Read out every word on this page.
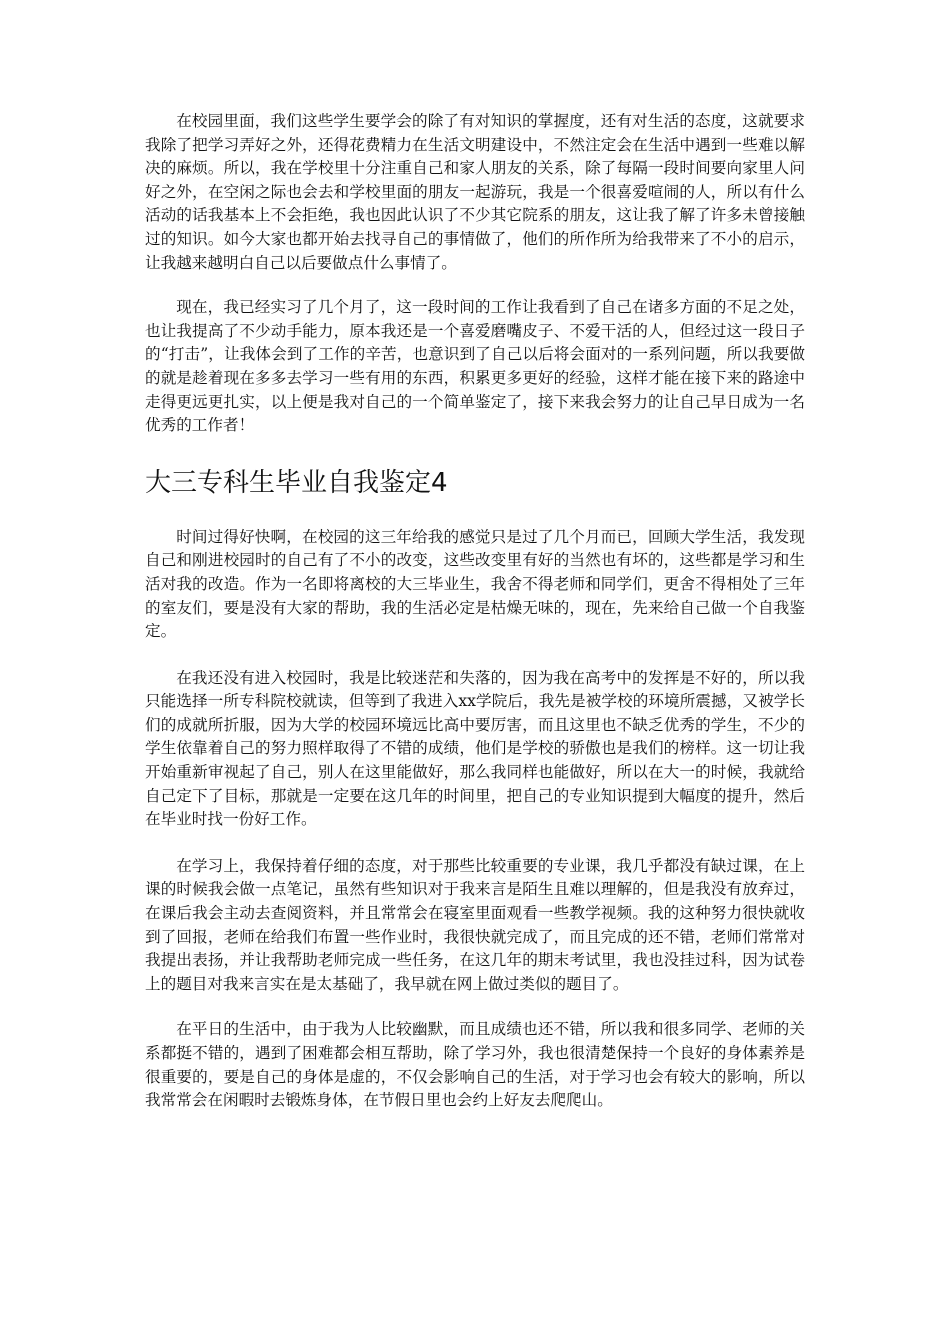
在校园里面，我们这些学生要学会的除了有对知识的掌握度，还有对生活的态度，这就要求我除了把学习弄好之外，还得花费精力在生活文明建设中，不然注定会在生活中遇到一些难以解决的麻烦。所以，我在学校里十分注重自己和家人朋友的关系，除了每隔一段时间要向家里人问好之外，在空闲之际也会去和学校里面的朋友一起游玩，我是一个很喜爱喧闹的人，所以有什么活动的话我基本上不会拒绝，我也因此认识了不少其它院系的朋友，这让我了解了许多未曾接触过的知识。如今大家也都开始去找寻自己的事情做了，他们的所作所为给我带来了不小的启示，让我越来越明白自己以后要做点什么事情了。

现在，我已经实习了几个月了，这一段时间的工作让我看到了自己在诸多方面的不足之处，也让我提高了不少动手能力，原本我还是一个喜爱磨嘴皮子、不爱干活的人，但经过这一段日子的“打击”，让我体会到了工作的辛苦，也意识到了自己以后将会面对的一系列问题，所以我要做的就是趁着现在多多去学习一些有用的东西，积累更多更好的经验，这样才能在接下来的路途中走得更远更扎实，以上便是我对自己的一个简单鉴定了，接下来我会努力的让自己早日成为一名优秀的工作者！

大三专科生毕业自我鉴定4

时间过得好快啊，在校园的这三年给我的感觉只是过了几个月而已，回顾大学生活，我发现自己和刚进校园时的自己有了不小的改变，这些改变里有好的当然也有坏的，这些都是学习和生活对我的改造。作为一名即将离校的大三毕业生，我舍不得老师和同学们，更舍不得相处了三年的室友们，要是没有大家的帮助，我的生活必定是枯燥无味的，现在，先来给自己做一个自我鉴定。

在我还没有进入校园时，我是比较迷茫和失落的，因为我在高考中的发挥是不好的，所以我只能选择一所专科院校就读，但等到了我进入xx学院后，我先是被学校的环境所震撼，又被学长们的成就所折服，因为大学的校园环境远比高中要厉害，而且这里也不缺乏优秀的学生，不少的学生依靠着自己的努力照样取得了不错的成绩，他们是学校的骄傲也是我们的榜样。这一切让我开始重新审视起了自己，别人在这里能做好，那么我同样也能做好，所以在大一的时候，我就给自己定下了目标，那就是一定要在这几年的时间里，把自己的专业知识提到大幅度的提升，然后在毕业时找一份好工作。

在学习上，我保持着仔细的态度，对于那些比较重要的专业课，我几乎都没有缺过课，在上课的时候我会做一点笔记，虽然有些知识对于我来言是陌生且难以理解的，但是我没有放弃过，在课后我会主动去查阅资料，并且常常会在寝室里面观看一些教学视频。我的这种努力很快就收到了回报，老师在给我们布置一些作业时，我很快就完成了，而且完成的还不错，老师们常常对我提出表扬，并让我帮助老师完成一些任务，在这几年的期末考试里，我也没挂过科，因为试卷上的题目对我来言实在是太基础了，我早就在网上做过类似的题目了。

在平日的生活中，由于我为人比较幽默，而且成绩也还不错，所以我和很多同学、老师的关系都挺不错的，遇到了困难都会相互帮助，除了学习外，我也很清楚保持一个良好的身体素养是很重要的，要是自己的身体是虚的，不仅会影响自己的生活，对于学习也会有较大的影响，所以我常常会在闲暇时去锻炼身体，在节假日里也会约上好友去爬爬山。
